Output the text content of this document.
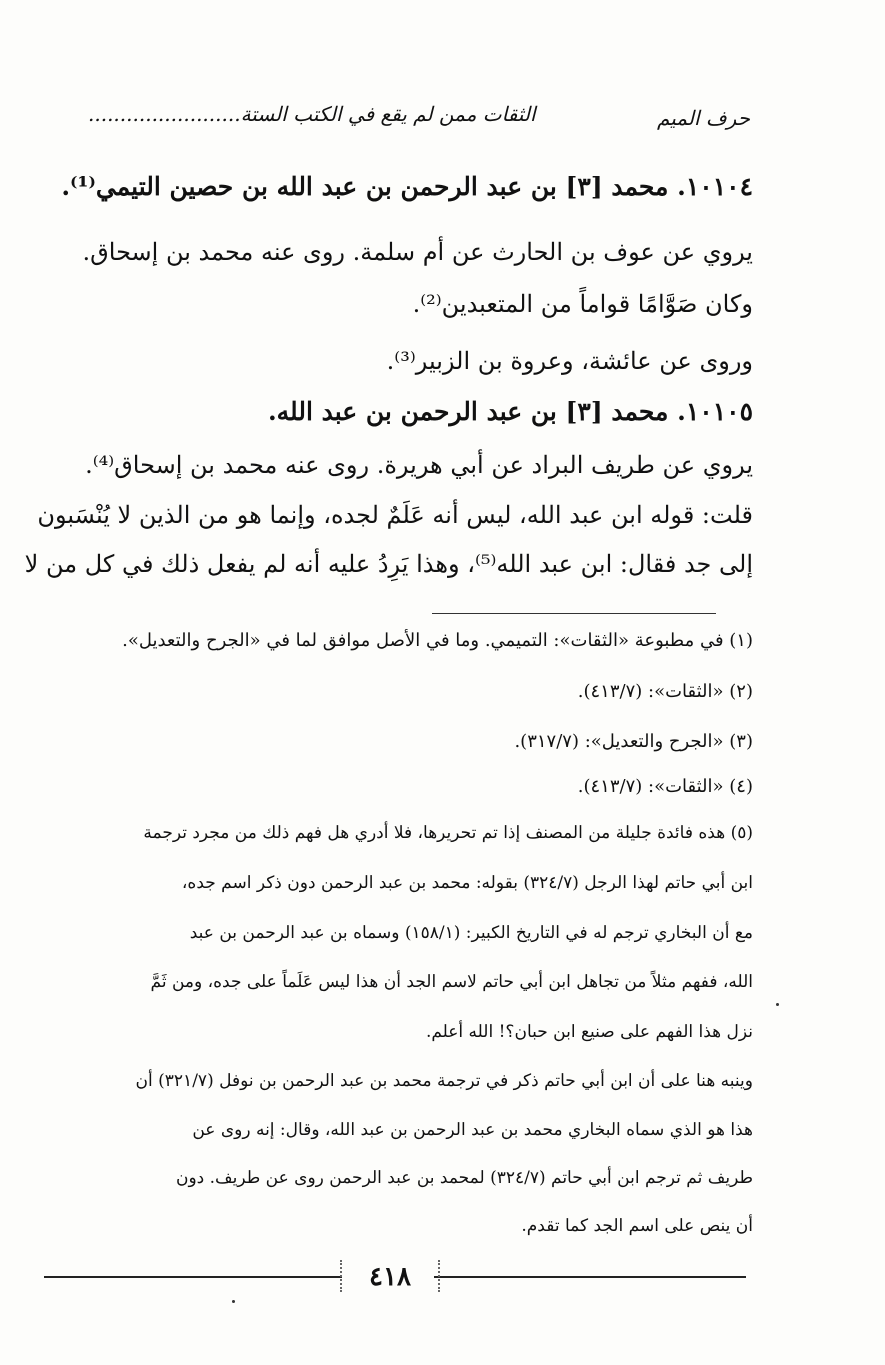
حرف الميم
الثقات ممن لم يقع في الكتب الستة........................
١٠١٠٤. محمد [٣] بن عبد الرحمن بن عبد الله بن حصين التيمي⁽¹⁾.
يروي عن عوف بن الحارث عن أم سلمة. روى عنه محمد بن إسحاق.
وكان صَوَّامًا قواماً من المتعبدين⁽²⁾.
وروى عن عائشة، وعروة بن الزبير⁽³⁾.
١٠١٠٥. محمد [٣] بن عبد الرحمن بن عبد الله.
يروي عن طريف البراد عن أبي هريرة. روى عنه محمد بن إسحاق⁽⁴⁾.
قلت: قوله ابن عبد الله، ليس أنه عَلَمٌ لجده، وإنما هو من الذين لا يُنْسَبون
إلى جد فقال: ابن عبد الله⁽⁵⁾، وهذا يَرِدُ عليه أنه لم يفعل ذلك في كل من لا
(١) في مطبوعة «الثقات»: التميمي. وما في الأصل موافق لما في «الجرح والتعديل».
(٢) «الثقات»: (٤١٣/٧).
(٣) «الجرح والتعديل»: (٣١٧/٧).
(٤) «الثقات»: (٤١٣/٧).
(٥) هذه فائدة جليلة من المصنف إذا تم تحريرها، فلا أدري هل فهم ذلك من مجرد ترجمة
ابن أبي حاتم لهذا الرجل (٣٢٤/٧) بقوله: محمد بن عبد الرحمن دون ذكر اسم جده،
مع أن البخاري ترجم له في التاريخ الكبير: (١٥٨/١) وسماه بن عبد الرحمن بن عبد
الله، ففهم مثلاً من تجاهل ابن أبي حاتم لاسم الجد أن هذا ليس عَلَماً على جده، ومن ثَمَّ
نزل هذا الفهم على صنيع ابن حبان؟! الله أعلم.
وينبه هنا على أن ابن أبي حاتم ذكر في ترجمة محمد بن عبد الرحمن بن نوفل (٣٢١/٧) أن
هذا هو الذي سماه البخاري محمد بن عبد الرحمن بن عبد الله، وقال: إنه روى عن
طريف ثم ترجم ابن أبي حاتم (٣٢٤/٧) لمحمد بن عبد الرحمن روى عن طريف. دون
أن ينص على اسم الجد كما تقدم.
٤١٨
